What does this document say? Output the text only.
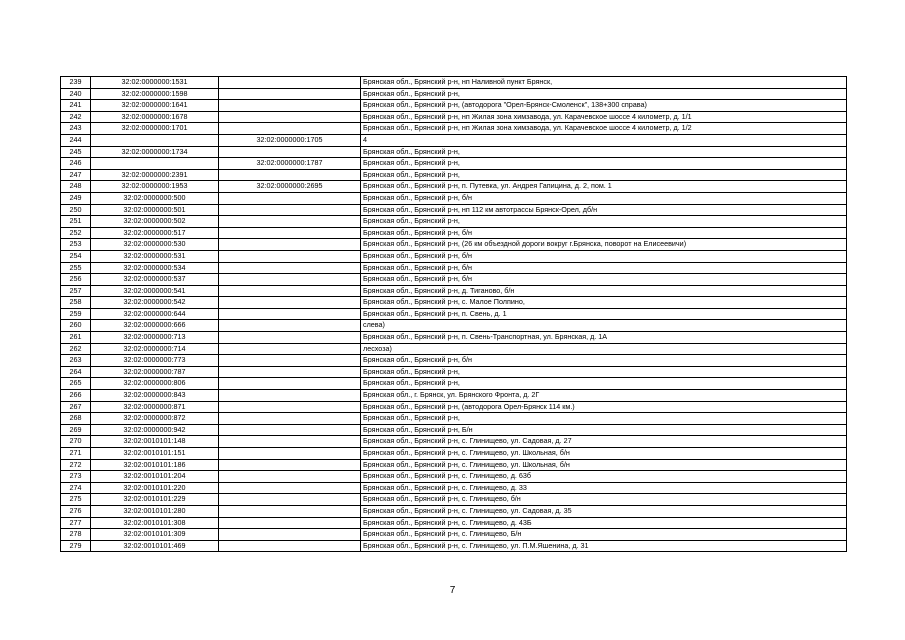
239	32:02:0000000:1531		Брянская обл., Брянский р-н, нп Наливной пункт Брянск,
240	32:02:0000000:1598		Брянская обл., Брянский р-н,
241	32:02:0000000:1641		Брянская обл., Брянский р-н, (автодорога "Орел-Брянск-Смоленск", 138+300 справа)
242	32:02:0000000:1678		Брянская обл., Брянский р-н, нп Жилая зона химзавода, ул. Карачевское шоссе 4 километр, д. 1/1
243	32:02:0000000:1701		Брянская обл., Брянский р-н, нп Жилая зона химзавода, ул. Карачевское шоссе 4 километр, д. 1/2
244		32:02:0000000:1705	4
245	32:02:0000000:1734		Брянская обл., Брянский р-н,
246		32:02:0000000:1787	Брянская обл., Брянский р-н,
247	32:02:0000000:2391		Брянская обл., Брянский р-н,
248	32:02:0000000:1953	32:02:0000000:2695	Брянская обл., Брянский р-н, п. Путевка, ул. Андрея Гапицина, д. 2, пом. 1
249	32:02:0000000:500		Брянская обл., Брянский р-н, б/н
250	32:02:0000000:501		Брянская обл., Брянский р-н, нп 112 км автотрассы Брянск-Орел, дб/н
251	32:02:0000000:502		Брянская обл., Брянский р-н,
252	32:02:0000000:517		Брянская обл., Брянский р-н, б/н
253	32:02:0000000:530		Брянская обл., Брянский р-н, (26 км объездной дороги вокруг г.Брянска, поворот на Елисеевичи)
254	32:02:0000000:531		Брянская обл., Брянский р-н, б/н
255	32:02:0000000:534		Брянская обл., Брянский р-н, б/н
256	32:02:0000000:537		Брянская обл., Брянский р-н, б/н
257	32:02:0000000:541		Брянская обл., Брянский р-н, д. Тиганово, б/н
258	32:02:0000000:542		Брянская обл., Брянский р-н, с. Малое Полпино,
259	32:02:0000000:644		Брянская обл., Брянский р-н, п. Свень, д. 1
260	32:02:0000000:666		слева)
261	32:02:0000000:713		Брянская обл., Брянский р-н, п. Свень-Транспортная, ул. Брянская, д. 1А
262	32:02:0000000:714		лесхоза)
263	32:02:0000000:773		Брянская обл., Брянский р-н, б/н
264	32:02:0000000:787		Брянская обл., Брянский р-н,
265	32:02:0000000:806		Брянская обл., Брянский р-н,
266	32:02:0000000:843		Брянская обл., г. Брянск, ул. Брянского Фронта, д. 2Г
267	32:02:0000000:871		Брянская обл., Брянский р-н, (автодорога Орел-Брянск 114 км.)
268	32:02:0000000:872		Брянская обл., Брянский р-н,
269	32:02:0000000:942		Брянская обл., Брянский р-н, Б/н
270	32:02:0010101:148		Брянская обл., Брянский р-н, с. Глинищево, ул. Садовая, д. 27
271	32:02:0010101:151		Брянская обл., Брянский р-н, с. Глинищево, ул. Школьная, б/н
272	32:02:0010101:186		Брянская обл., Брянский р-н, с. Глинищево, ул. Школьная, б/н
273	32:02:0010101:204		Брянская обл., Брянский р-н, с. Глинищево, д. 63б
274	32:02:0010101:220		Брянская обл., Брянский р-н, с. Глинищево, д. 33
275	32:02:0010101:229		Брянская обл., Брянский р-н, с. Глинищево, б/н
276	32:02:0010101:280		Брянская обл., Брянский р-н, с. Глинищево, ул. Садовая, д. 35
277	32:02:0010101:308		Брянская обл., Брянский р-н, с. Глинищево, д. 43Б
278	32:02:0010101:309		Брянская обл., Брянский р-н, с. Глинищево, Б/н
279	32:02:0010101:469		Брянская обл., Брянский р-н, с. Глинищево, ул. П.М.Яшенина, д. 31
7
